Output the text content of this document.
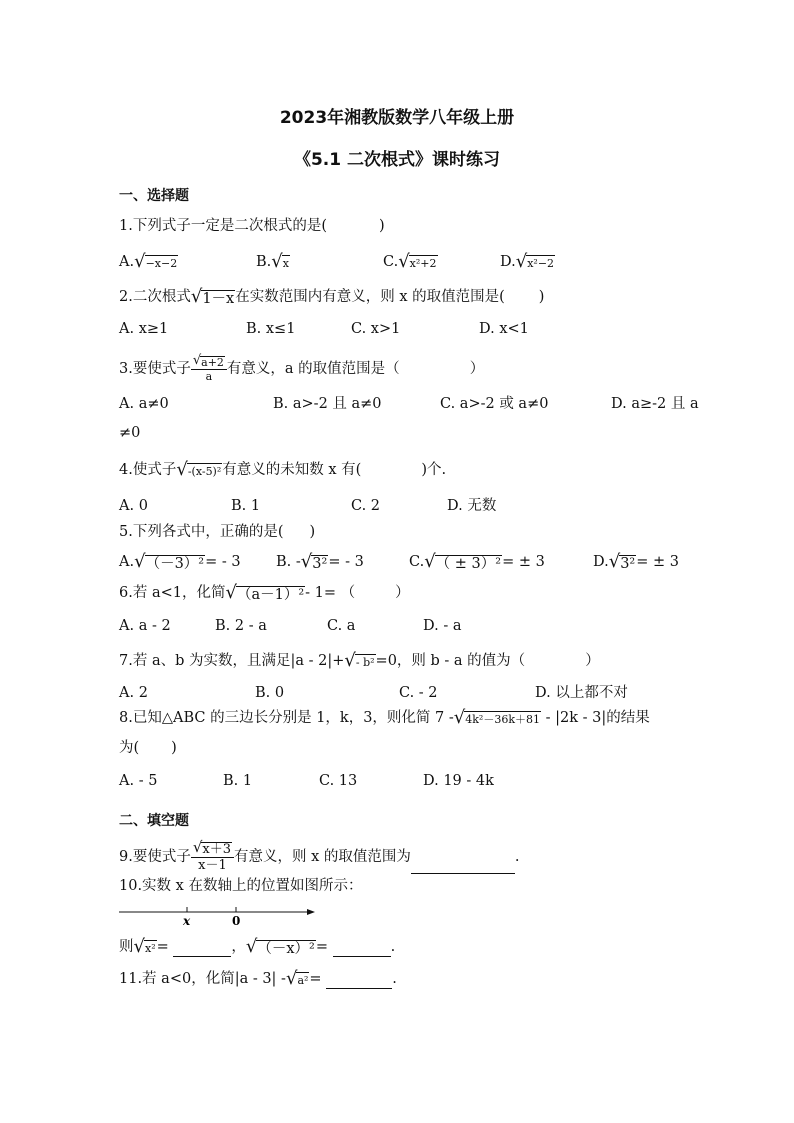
2023年湘教版数学八年级上册
《5.1 二次根式》课时练习
一、选择题
1.下列式子一定是二次根式的是(	)
A. √ −x−2	B. √ x	C. √ x²+2	D. √ x²−2
2.二次根式 √ 1－x 在实数范围内有意义，则 x 的取值范围是( )
A. x≥1	B. x≤1	C. x>1	D. x<1
3.要使式子 $\frac{√ a+2}{a}$ 有意义，a 的取值范围是（	）
A. a≠0	B. a>-2 且 a≠0	C. a>-2 或 a≠0	D. a≥-2 且 a
≠0
4.使式子 √ -(x-5)² 有意义的未知数 x 有(	)个.
A. 0	B. 1	C. 2	D. 无数
5.下列各式中，正确的是( )
A. √ （－3）² = - 3 B. - √ 3² = - 3	C. √ （ ± 3）² = ± 3	D. √ 3² = ± 3
6.若 a<1，化简 √ （a－1）² - 1= （	）
A. a - 2	B. 2 - a	C. a	D. - a
7.若 a、b 为实数，且满足|a - 2|+ √ - b² =0，则 b - a 的值为（	）
A. 2	B. 0	C. - 2	D. 以上都不对
8.已知△ABC 的三边长分别是 1，k，3，则化简 7 - √ 4k²－36k＋81 - |2k - 3|的结果
为( )
A. - 5	B. 1	C. 13	D. 19 - 4k
二、填空题
9.要使式子 $\frac{√ x+3}{x-1}$ 有意义，则 x 的取值范围为	.
10.实数 x 在数轴上的位置如图所示：
x	0
则 √ x² =	， √ （－x）² =	.
11.若 a<0，化简|a - 3| - √ a² =	.
